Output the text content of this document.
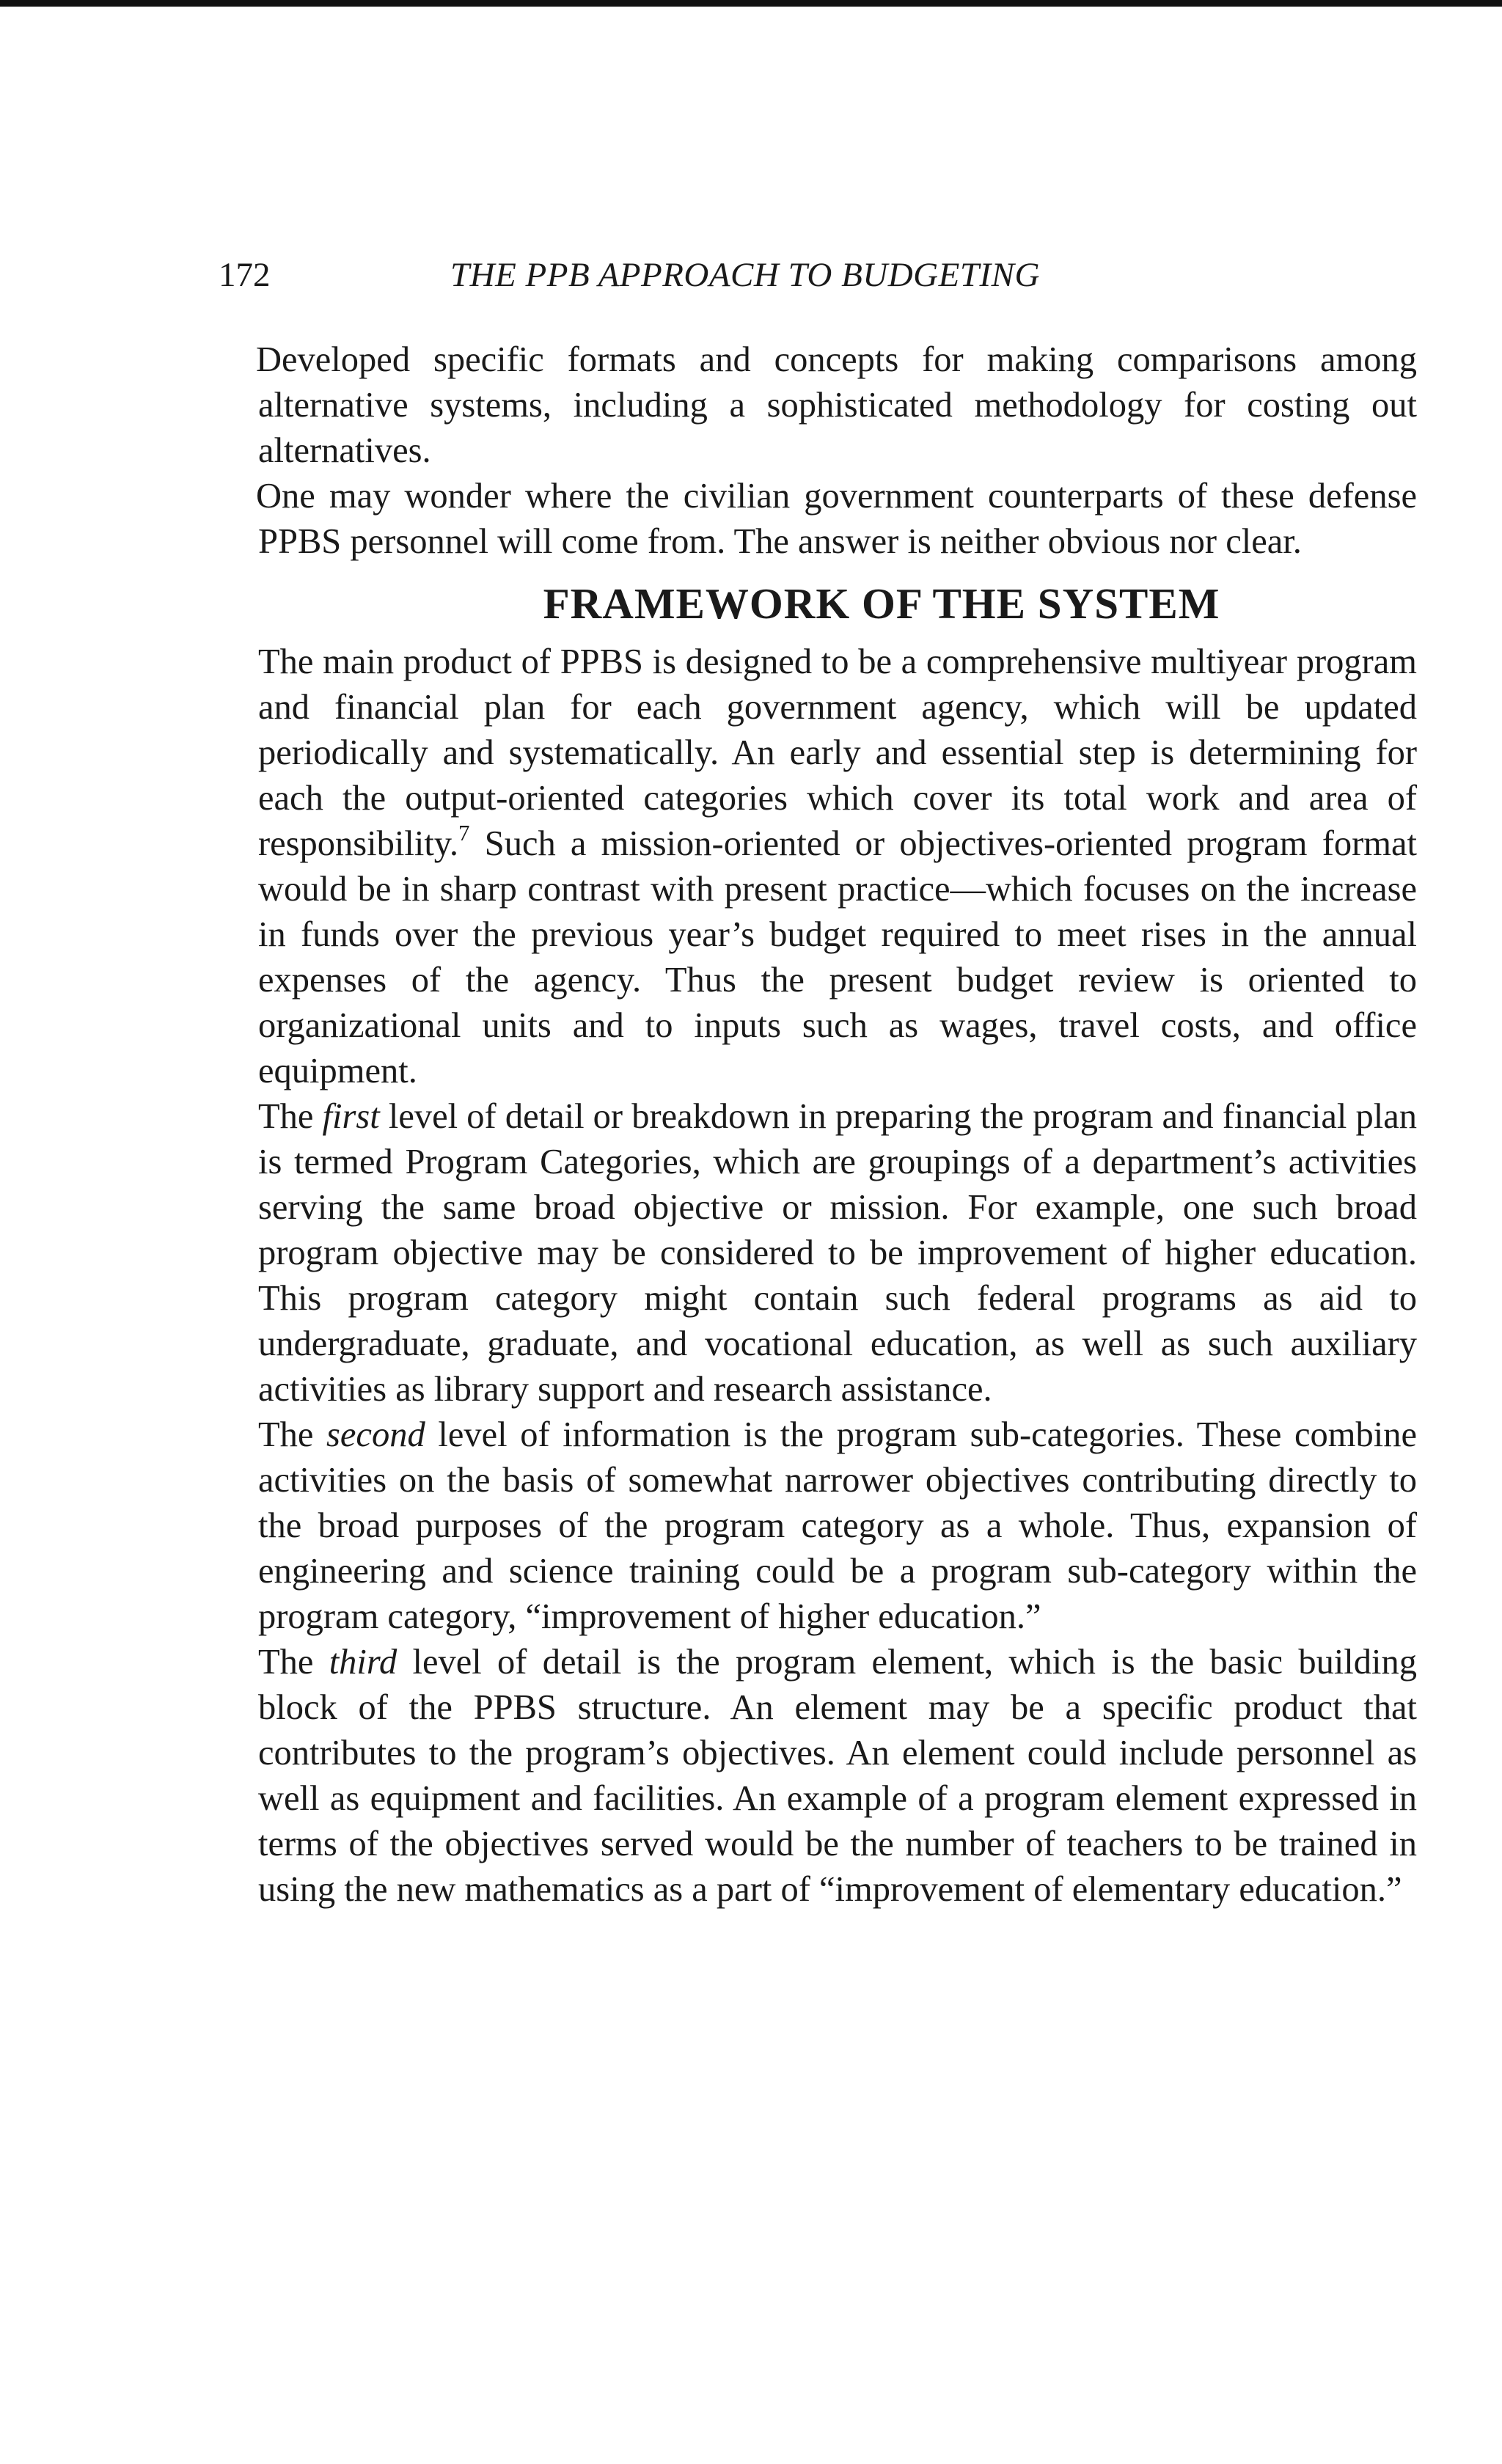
172	THE PPB APPROACH TO BUDGETING

Developed specific formats and concepts for making comparisons among alternative systems, including a sophisticated methodology for costing out alternatives.

One may wonder where the civilian government counterparts of these defense PPBS personnel will come from. The answer is neither obvious nor clear.

FRAMEWORK OF THE SYSTEM

The main product of PPBS is designed to be a comprehensive multiyear program and financial plan for each government agency, which will be updated periodically and systematically. An early and essential step is determining for each the output-oriented categories which cover its total work and area of responsibility.$^7$ Such a mission-oriented or objectives-oriented program format would be in sharp contrast with present practice—which focuses on the increase in funds over the previous year’s budget required to meet rises in the annual expenses of the agency. Thus the present budget review is oriented to organizational units and to inputs such as wages, travel costs, and office equipment.

The first level of detail or breakdown in preparing the program and financial plan is termed Program Categories, which are groupings of a department’s activities serving the same broad objective or mission. For example, one such broad program objective may be considered to be improvement of higher education. This program category might contain such federal programs as aid to undergraduate, graduate, and vocational education, as well as such auxiliary activities as library support and research assistance.

The second level of information is the program sub-categories. These combine activities on the basis of somewhat narrower objectives contributing directly to the broad purposes of the program category as a whole. Thus, expansion of engineering and science training could be a program sub-category within the program category, “improvement of higher education.”

The third level of detail is the program element, which is the basic building block of the PPBS structure. An element may be a specific product that contributes to the program’s objectives. An element could include personnel as well as equipment and facilities. An example of a program element expressed in terms of the objectives served would be the number of teachers to be trained in using the new mathematics as a part of “improvement of elementary education.”
